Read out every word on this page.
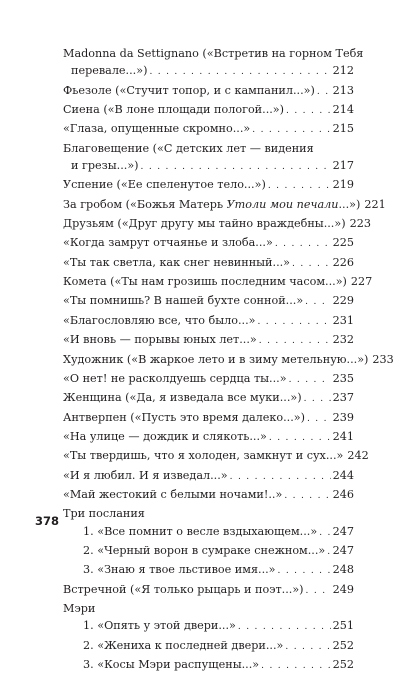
378
Madonna da Settignano («Встретив на горном Тебя
перевале...») . . .	212
Фьезоле («Стучит топор, и с кампанил...») . . . 213
Сиена («В лоне площади пологой...») . . .	214
«Глаза, опущенные скромно...» . . .	215
Благовещение («С детских лет — видения
и грезы...») . . .	217
Успение («Ее спеленутое тело...») . . .	219
За гробом («Божья Матерь Утоли мои печали...») 221
Друзьям («Друг другу мы тайно враждебны...») 223
«Когда замрут отчаянье и злоба...» . . .	225
«Ты так светла, как снег невинный...» . . .	226
Комета («Ты нам грозишь последним часом...») 227
«Ты помнишь? В нашей бухте сонной...» . . .	229
«Благословляю все, что было...» . . .	231
«И вновь — порывы юных лет...» . . .	232
Художник («В жаркое лето и в зиму метельную...») 233
«О нет! не расколдуешь сердца ты...» . . .	235
Женщина («Да, я изведала все муки...») . . .	237
Антверпен («Пусть это время далеко...») . . . 239
«На улице — дождик и слякоть...» . . .	241
«Ты твердишь, что я холоден, замкнут и сух...» 242
«И я любил. И я изведал...» . . .	244
«Май жестокий с белыми ночами!..» . . .	246
Три послания
1. «Все помнит о весле вздыхающем...» . . . 247
2. «Черный ворон в сумраке снежном...» . . . 247
3. «Знаю я твое льстивое имя...» . . .	248
Встречной («Я только рыцарь и поэт...») . . .	249
Мэри
1. «Опять у этой двери...» . . .	251
2. «Жениха к последней двери...» . . .	252
3. «Косы Мэри распущены...» . . .	252
